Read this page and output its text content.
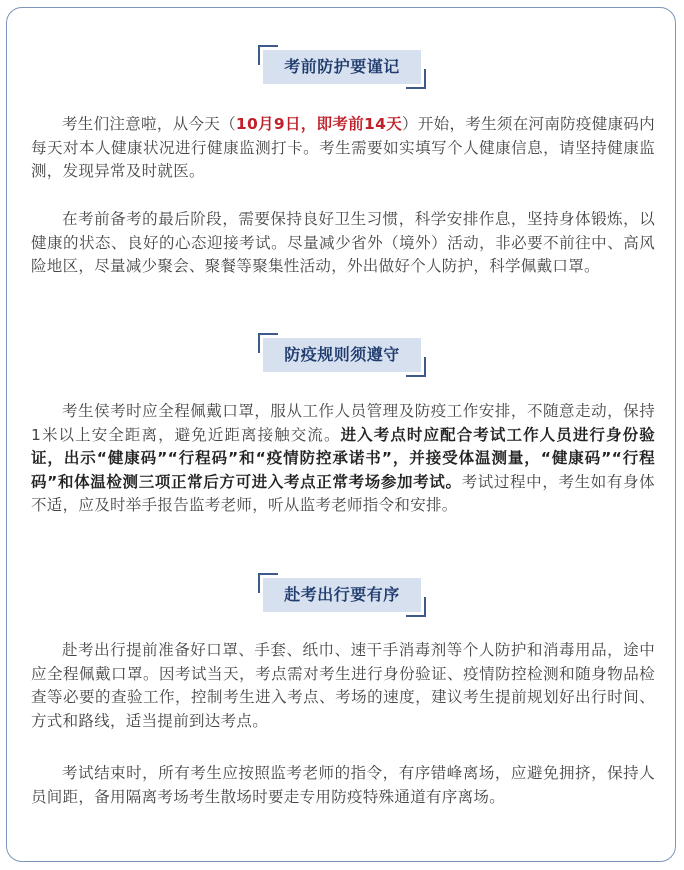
考前防护要谨记

考生们注意啦，从今天（10月9日，即考前14天）开始，考生须在河南防疫健康码内每天对本人健康状况进行健康监测打卡。考生需要如实填写个人健康信息，请坚持健康监测，发现异常及时就医。

在考前备考的最后阶段，需要保持良好卫生习惯，科学安排作息，坚持身体锻炼，以健康的状态、良好的心态迎接考试。尽量减少省外（境外）活动，非必要不前往中、高风险地区，尽量减少聚会、聚餐等聚集性活动，外出做好个人防护，科学佩戴口罩。

防疫规则须遵守

考生侯考时应全程佩戴口罩，服从工作人员管理及防疫工作安排，不随意走动，保持1米以上安全距离，避免近距离接触交流。进入考点时应配合考试工作人员进行身份验证，出示“健康码”“行程码”和“疫情防控承诺书”，并接受体温测量，“健康码”“行程码”和体温检测三项正常后方可进入考点正常考场参加考试。考试过程中，考生如有身体不适，应及时举手报告监考老师，听从监考老师指令和安排。

赴考出行要有序

赴考出行提前准备好口罩、手套、纸巾、速干手消毒剂等个人防护和消毒用品，途中应全程佩戴口罩。因考试当天，考点需对考生进行身份验证、疫情防控检测和随身物品检查等必要的查验工作，控制考生进入考点、考场的速度，建议考生提前规划好出行时间、方式和路线，适当提前到达考点。

考试结束时，所有考生应按照监考老师的指令，有序错峰离场，应避免拥挤，保持人员间距，备用隔离考场考生散场时要走专用防疫特殊通道有序离场。
